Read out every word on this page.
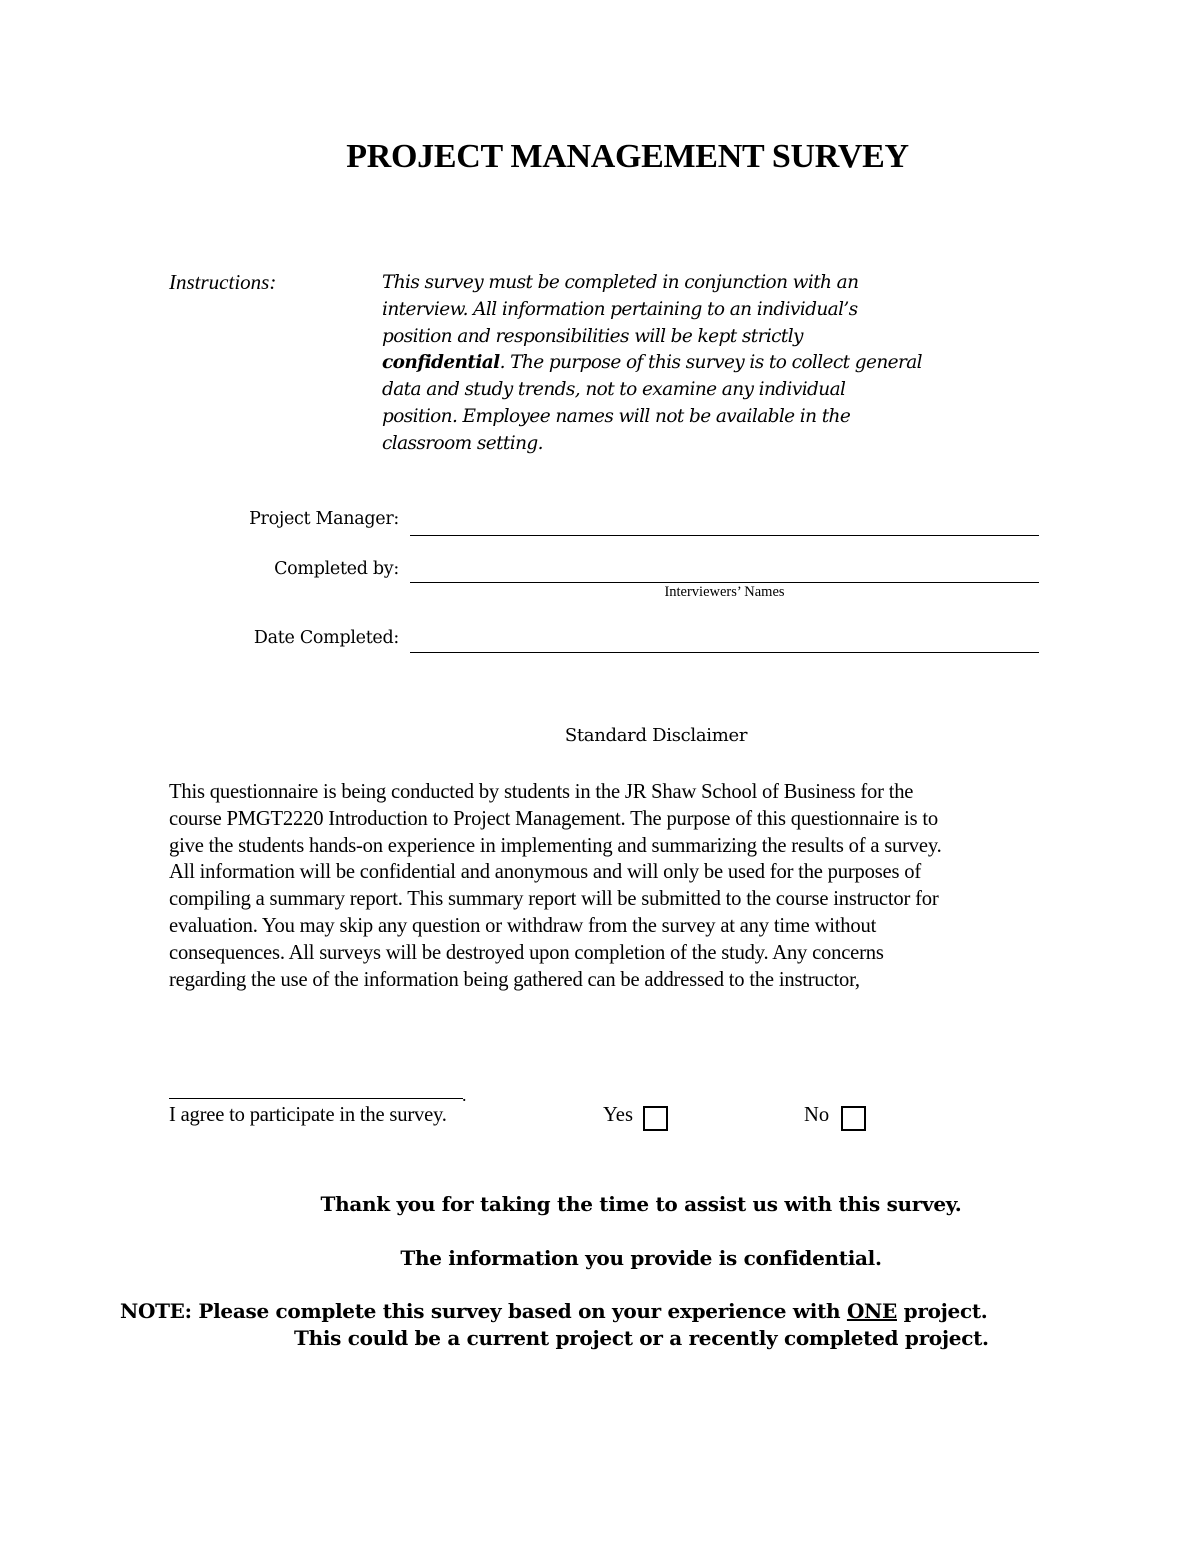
PROJECT MANAGEMENT SURVEY
Instructions:	This survey must be completed in conjunction with an
interview. All information pertaining to an individual’s
position and responsibilities will be kept strictly
confidential. The purpose of this survey is to collect general
data and study trends, not to examine any individual
position. Employee names will not be available in the
classroom setting.
Project Manager:
Completed by:
Interviewers’ Names
Date Completed:
Standard Disclaimer
This questionnaire is being conducted by students in the JR Shaw School of Business for the
course PMGT2220 Introduction to Project Management. The purpose of this questionnaire is to
give the students hands-on experience in implementing and summarizing the results of a survey.
All information will be confidential and anonymous and will only be used for the purposes of
compiling a summary report. This summary report will be submitted to the course instructor for
evaluation. You may skip any question or withdraw from the survey at any time without
consequences. All surveys will be destroyed upon completion of the study. Any concerns
regarding the use of the information being gathered can be addressed to the instructor,
.
I agree to participate in the survey.	Yes	No
Thank you for taking the time to assist us with this survey.
The information you provide is confidential.
NOTE: Please complete this survey based on your experience with ONE project.
This could be a current project or a recently completed project.
